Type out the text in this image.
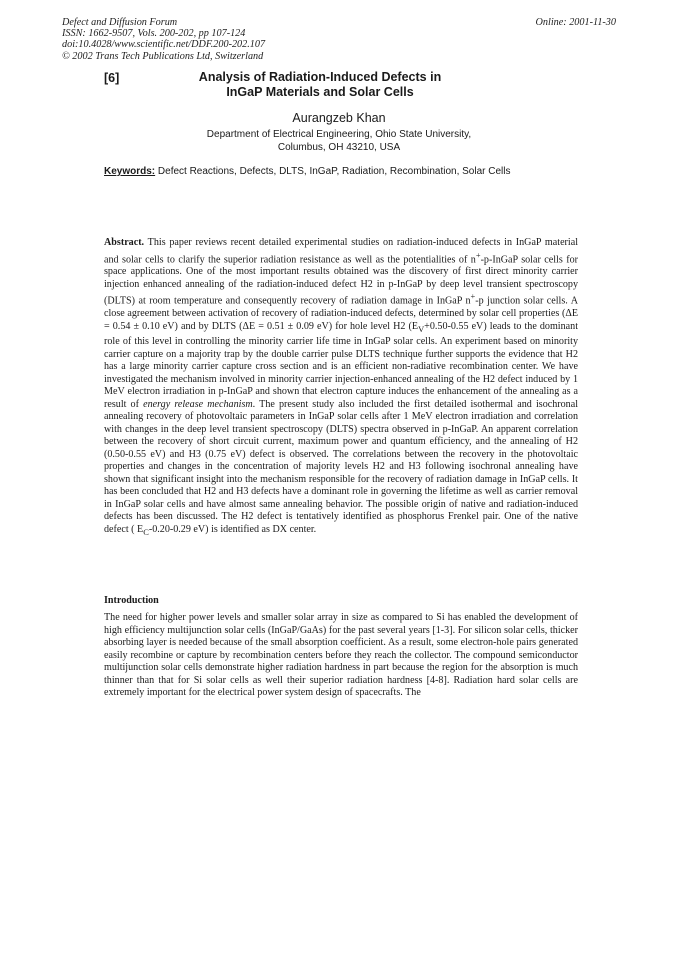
Defect and Diffusion Forum
ISSN: 1662-9507, Vols. 200-202, pp 107-124
doi:10.4028/www.scientific.net/DDF.200-202.107
© 2002 Trans Tech Publications Ltd, Switzerland
Online: 2001-11-30
[6]	Analysis of Radiation-Induced Defects in
InGaP Materials and Solar Cells
Aurangzeb Khan
Department of Electrical Engineering, Ohio State University,
Columbus, OH 43210, USA
Keywords: Defect Reactions, Defects, DLTS, InGaP, Radiation, Recombination, Solar Cells
Abstract. This paper reviews recent detailed experimental studies on radiation-induced defects in InGaP material and solar cells to clarify the superior radiation resistance as well as the potentialities of n+-p-InGaP solar cells for space applications. One of the most important results obtained was the discovery of first direct minority carrier injection enhanced annealing of the radiation-induced defect H2 in p-InGaP by deep level transient spectroscopy (DLTS) at room temperature and consequently recovery of radiation damage in InGaP n+-p junction solar cells. A close agreement between activation of recovery of radiation-induced defects, determined by solar cell properties (ΔE = 0.54 ± 0.10 eV) and by DLTS (ΔE = 0.51 ± 0.09 eV) for hole level H2 ($E_V+0.50-0.55$ eV) leads to the dominant role of this level in controlling the minority carrier life time in InGaP solar cells. An experiment based on minority carrier capture on a majority trap by the double carrier pulse DLTS technique further supports the evidence that H2 has a large minority carrier capture cross section and is an efficient non-radiative recombination center. We have investigated the mechanism involved in minority carrier injection-enhanced annealing of the H2 defect induced by 1 MeV electron irradiation in p-InGaP and shown that electron capture induces the enhancement of the annealing as a result of energy release mechanism. The present study also included the first detailed isothermal and isochronal annealing recovery of photovoltaic parameters in InGaP solar cells after 1 MeV electron irradiation and correlation with changes in the deep level transient spectroscopy (DLTS) spectra observed in p-InGaP. An apparent correlation between the recovery of short circuit current, maximum power and quantum efficiency, and the annealing of H2 (0.50-0.55 eV) and H3 (0.75 eV) defect is observed. The correlations between the recovery in the photovoltaic properties and changes in the concentration of majority levels H2 and H3 following isochronal annealing have shown that significant insight into the mechanism responsible for the recovery of radiation damage in InGaP cells. It has been concluded that H2 and H3 defects have a dominant role in governing the lifetime as well as carrier removal in InGaP solar cells and have almost same annealing behavior. The possible origin of native and radiation-induced defects has been discussed. The H2 defect is tentatively identified as phosphorus Frenkel pair. One of the native defect ( $E_C-0.20-0.29$ eV) is identified as DX center.
Introduction
The need for higher power levels and smaller solar array in size as compared to Si has enabled the development of high efficiency multijunction solar cells (InGaP/GaAs) for the past several years [1-3]. For silicon solar cells, thicker absorbing layer is needed because of the small absorption coefficient. As a result, some electron-hole pairs generated easily recombine or capture by recombination centers before they reach the collector. The compound semiconductor multijunction solar cells demonstrate higher radiation hardness in part because the region for the absorption is much thinner than that for Si solar cells as well their superior radiation hardness [4-8]. Radiation hard solar cells are extremely important for the electrical power system design of spacecrafts. The
